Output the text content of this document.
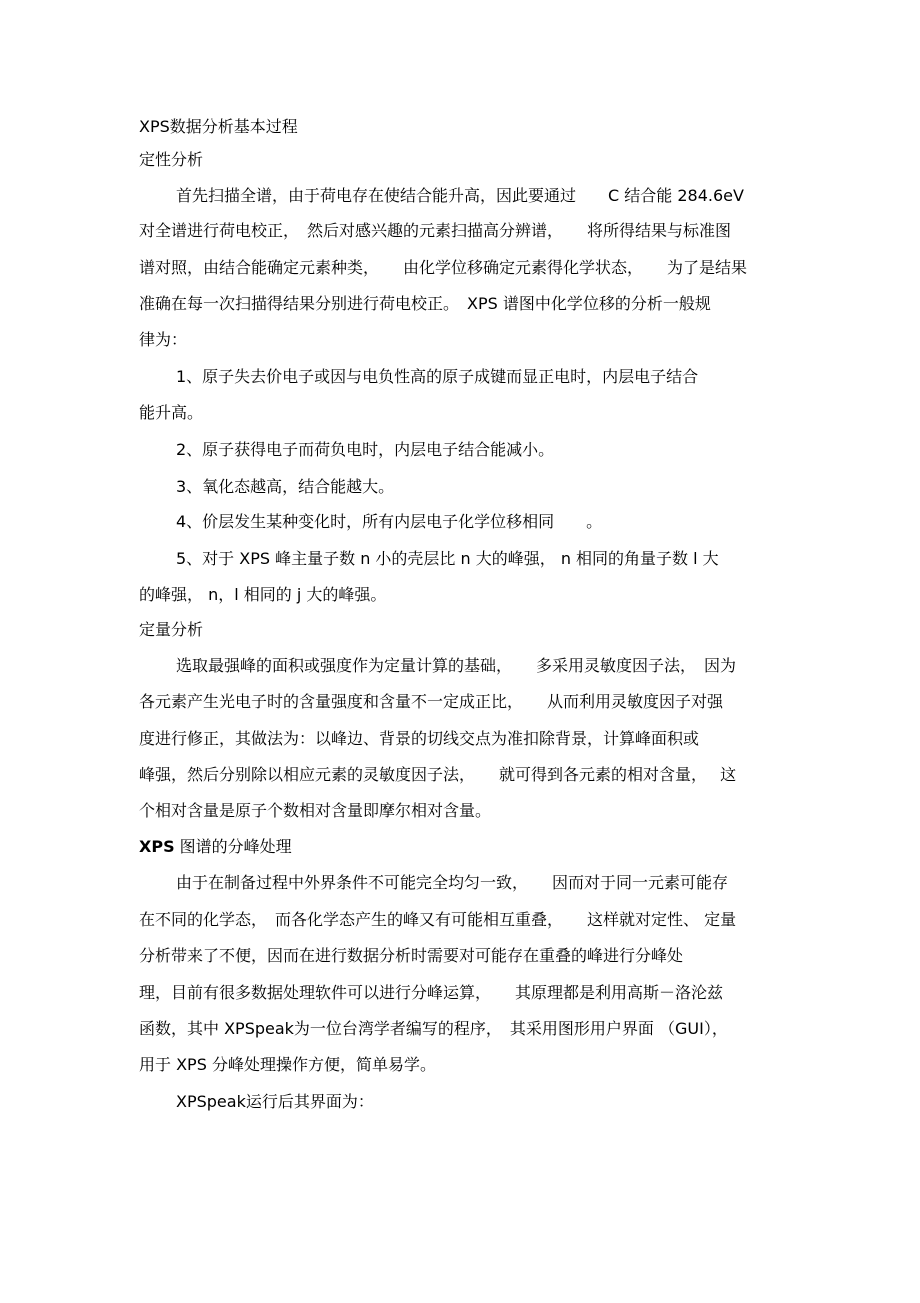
XPS数据分析基本过程

定性分析

首先扫描全谱，由于荷电存在使结合能升高，因此要通过　　C 结合能 284.6eV

对全谱进行荷电校正，　然后对感兴趣的元素扫描高分辨谱，　　将所得结果与标准图

谱对照，由结合能确定元素种类，　　由化学位移确定元素得化学状态，　　为了是结果

准确在每一次扫描得结果分别进行荷电校正。　XPS 谱图中化学位移的分析一般规

律为：

1、原子失去价电子或因与电负性高的原子成键而显正电时，内层电子结合

能升高。

2、原子获得电子而荷负电时，内层电子结合能减小。

3、氧化态越高，结合能越大。

4、价层发生某种变化时，所有内层电子化学位移相同　　。

5、对于 XPS 峰主量子数 n 小的壳层比 n 大的峰强， n 相同的角量子数 l 大

的峰强， n，l 相同的 j 大的峰强。

定量分析

选取最强峰的面积或强度作为定量计算的基础，　　多采用灵敏度因子法，　因为

各元素产生光电子时的含量强度和含量不一定成正比，　　从而利用灵敏度因子对强

度进行修正，其做法为：以峰边、背景的切线交点为准扣除背景，计算峰面积或

峰强，然后分别除以相应元素的灵敏度因子法，　　就可得到各元素的相对含量，　 这

个相对含量是原子个数相对含量即摩尔相对含量。

XPS 图谱的分峰处理

由于在制备过程中外界条件不可能完全均匀一致，　　因而对于同一元素可能存

在不同的化学态，　而各化学态产生的峰又有可能相互重叠，　　这样就对定性、 定量

分析带来了不便，因而在进行数据分析时需要对可能存在重叠的峰进行分峰处

理，目前有很多数据处理软件可以进行分峰运算，　　其原理都是利用高斯－洛沦兹

函数，其中 XPSpeak为一位台湾学者编写的程序，　其采用图形用户界面 （GUI），

用于 XPS 分峰处理操作方便，简单易学。

XPSpeak运行后其界面为：
